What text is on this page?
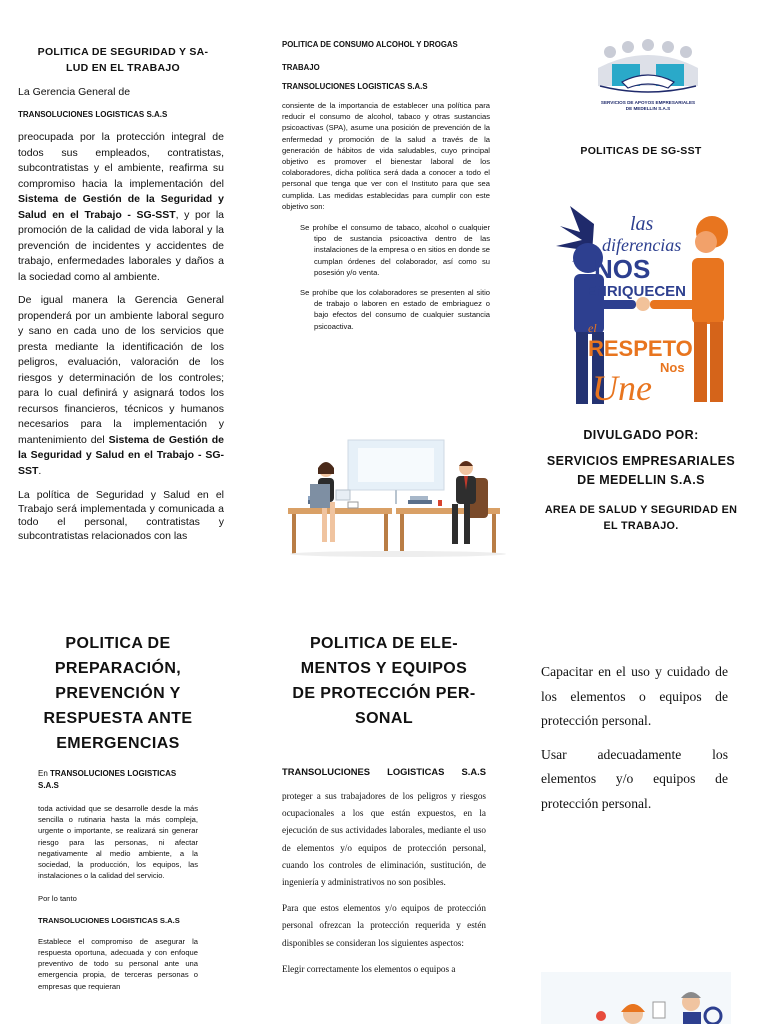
POLITICA DE SEGURIDAD Y SA-
LUD EN EL TRABAJO

La Gerencia General de

TRANSOLUCIONES LOGISTICAS S.A.S

preocupada por la protección integral de todos sus empleados, contratistas, subcontratistas y el ambiente, reafirma su compromiso hacia la implementación del Sistema de Gestión de la Seguridad y Salud en el Trabajo - SG-SST, y por la promoción de la calidad de vida laboral y la prevención de incidentes y accidentes de trabajo, enfermedades laborales y daños a la sociedad como al ambiente.

De igual manera la Gerencia General propenderá por un ambiente laboral seguro y sano en cada uno de los servicios que presta mediante la identificación de los peligros, evaluación, valoración de los riesgos y determinación de los controles; para lo cual definirá y asignará todos los recursos financieros, técnicos y humanos necesarios para la implementación y mantenimiento del Sistema de Gestión de la Seguridad y Salud en el Trabajo - SG-SST.

La política de Seguridad y Salud en el Trabajo será implementada y comunicada a todo el personal, contratistas y subcontratistas relacionados con las

POLITICA DE CONSUMO ALCOHOL Y DROGAS

TRABAJO

TRANSOLUCIONES LOGISTICAS S.A.S

consiente de la importancia de establecer una política para reducir el consumo de alcohol, tabaco y otras sustancias psicoactivas (SPA), asume una posición de prevención de la enfermedad y promoción de la salud a través de la generación de hábitos de vida saludables, cuyo principal objetivo es promover el bienestar laboral de los colaboradores, dicha política será dada a conocer a todo el personal que tenga que ver con el Instituto para que sea cumplida. Las medidas establecidas para cumplir con este objetivo son:

Se prohíbe el consumo de tabaco, alcohol o cualquier tipo de sustancia psicoactiva dentro de las instalaciones de la empresa o en sitios en donde se cumplan órdenes del colaborador, así como su posesión y/o venta.
Se prohíbe que los colaboradores se presenten al sitio de trabajo o laboren en estado de embriaguez o bajo efectos del consumo de cualquier sustancia psicoactiva.
SERVICIOS DE APOYOS EMPRESARIALES
DE MEDELLIN S.A.S
POLITICAS DE SG-SST
las
diferencias
NOS
ENRIQUECEN
el
RESPETO
Nos
Une
DIVULGADO POR:
SERVICIOS EMPRESARIALES
DE MEDELLIN S.A.S
AREA DE SALUD Y SEGURIDAD EN
EL TRABAJO.
POLITICA DE
PREPARACIÓN,
PREVENCIÓN Y
RESPUESTA ANTE
EMERGENCIAS

En TRANSOLUCIONES LOGISTICAS S.A.S

toda actividad que se desarrolle desde la más sencilla o rutinaria hasta la más compleja, urgente o importante, se realizará sin generar riesgo para las personas, ni afectar negativamente al medio ambiente, a la sociedad, la producción, los equipos, las instalaciones o la calidad del servicio.

Por lo tanto

TRANSOLUCIONES LOGISTICAS S.A.S

Establece el compromiso de asegurar la respuesta oportuna, adecuada y con enfoque preventivo de todo su personal ante una emergencia propia, de terceras personas o empresas que requieran

POLITICA DE ELE-
MENTOS Y EQUIPOS
DE PROTECCIÓN PER-
SONAL

TRANSOLUCIONES LOGISTICAS S.A.S

proteger a sus trabajadores de los peligros y riesgos ocupacionales a los que están expuestos, en la ejecución de sus actividades laborales, mediante el uso de elementos y/o equipos de protección personal, cuando los controles de eliminación, sustitución, de ingeniería y administrativos no son posibles.

Para que estos elementos y/o equipos de protección personal ofrezcan la protección requerida y estén disponibles se consideran los siguientes aspectos:

Elegir correctamente los elementos o equipos a

Capacitar en el uso y cuidado de los elementos o equipos de protección personal.

Usar adecuadamente los elementos y/o equipos de protección personal.
